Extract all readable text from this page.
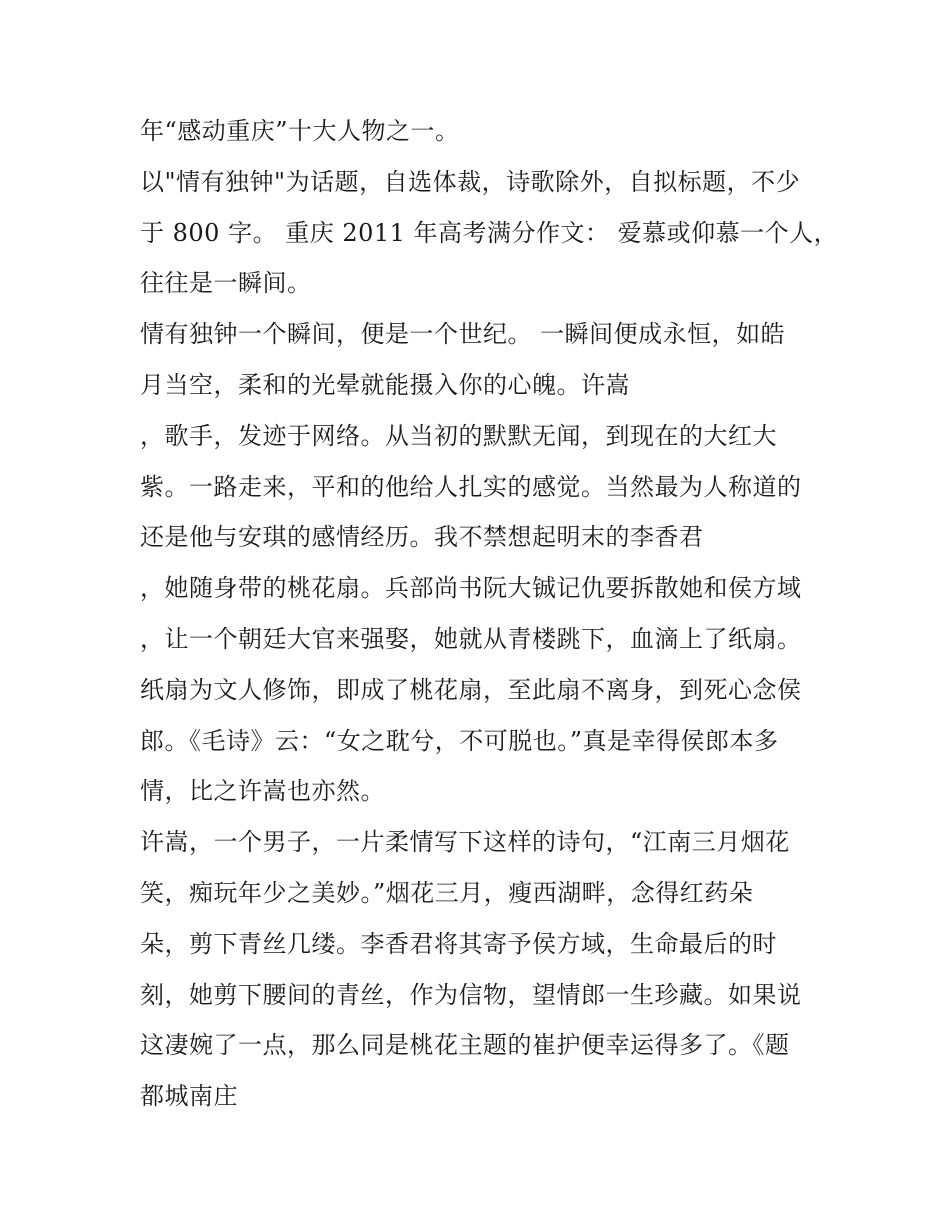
年“感动重庆”十大人物之一。
以"情有独钟"为话题，自选体裁，诗歌除外，自拟标题，不少
于 800 字。 重庆 2011 年高考满分作文： 爱慕或仰慕一个人，
往往是一瞬间。
情有独钟一个瞬间，便是一个世纪。 一瞬间便成永恒，如皓
月当空，柔和的光晕就能摄入你的心魄。许嵩
，歌手，发迹于网络。从当初的默默无闻，到现在的大红大
紫。一路走来，平和的他给人扎实的感觉。当然最为人称道的
还是他与安琪的感情经历。我不禁想起明末的李香君
，她随身带的桃花扇。兵部尚书阮大铖记仇要拆散她和侯方域
，让一个朝廷大官来强娶，她就从青楼跳下，血滴上了纸扇。
纸扇为文人修饰，即成了桃花扇，至此扇不离身，到死心念侯
郎。《毛诗》云：“女之耽兮，不可脱也。”真是幸得侯郎本多
情，比之许嵩也亦然。
许嵩，一个男子，一片柔情写下这样的诗句，“江南三月烟花
笑，痴玩年少之美妙。”烟花三月，瘦西湖畔，念得红药朵
朵，剪下青丝几缕。李香君将其寄予侯方域，生命最后的时
刻，她剪下腰间的青丝，作为信物，望情郎一生珍藏。如果说
这凄婉了一点，那么同是桃花主题的崔护便幸运得多了。《题
都城南庄
